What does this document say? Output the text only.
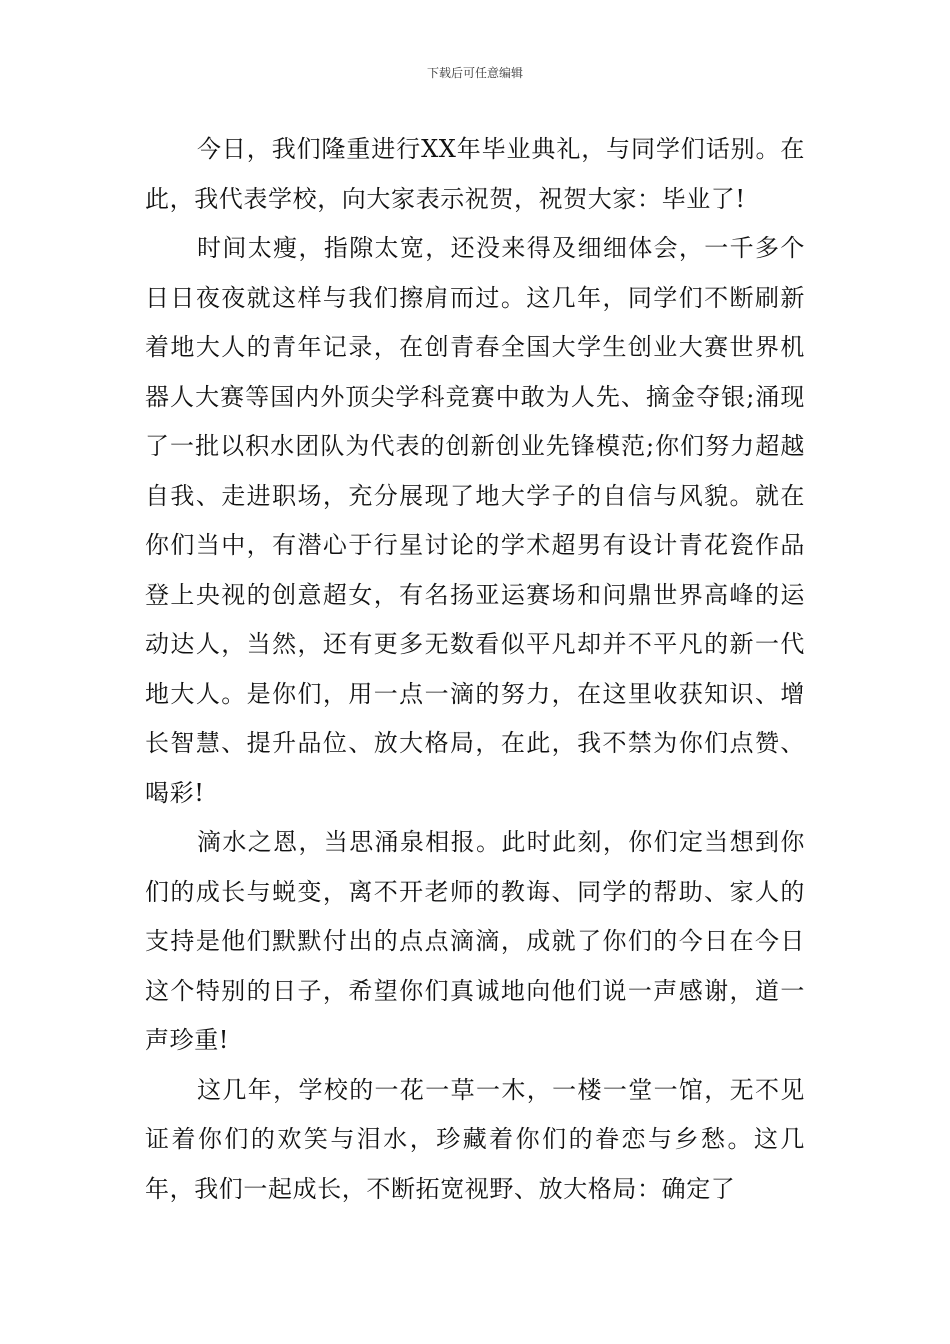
下载后可任意编辑

今日，我们隆重进行XX年毕业典礼，与同学们话别。在此，我代表学校，向大家表示祝贺，祝贺大家：毕业了!

时间太瘦，指隙太宽，还没来得及细细体会，一千多个日日夜夜就这样与我们擦肩而过。这几年，同学们不断刷新着地大人的青年记录，在创青春全国大学生创业大赛世界机器人大赛等国内外顶尖学科竞赛中敢为人先、摘金夺银;涌现了一批以积水团队为代表的创新创业先锋模范;你们努力超越自我、走进职场，充分展现了地大学子的自信与风貌。就在你们当中，有潜心于行星讨论的学术超男有设计青花瓷作品登上央视的创意超女，有名扬亚运赛场和问鼎世界高峰的运动达人，当然，还有更多无数看似平凡却并不平凡的新一代地大人。是你们，用一点一滴的努力，在这里收获知识、增长智慧、提升品位、放大格局，在此，我不禁为你们点赞、喝彩!

滴水之恩，当思涌泉相报。此时此刻，你们定当想到你们的成长与蜕变，离不开老师的教诲、同学的帮助、家人的支持是他们默默付出的点点滴滴，成就了你们的今日在今日这个特别的日子，希望你们真诚地向他们说一声感谢，道一声珍重!

这几年，学校的一花一草一木，一楼一堂一馆，无不见证着你们的欢笑与泪水，珍藏着你们的眷恋与乡愁。这几年，我们一起成长，不断拓宽视野、放大格局：确定了
